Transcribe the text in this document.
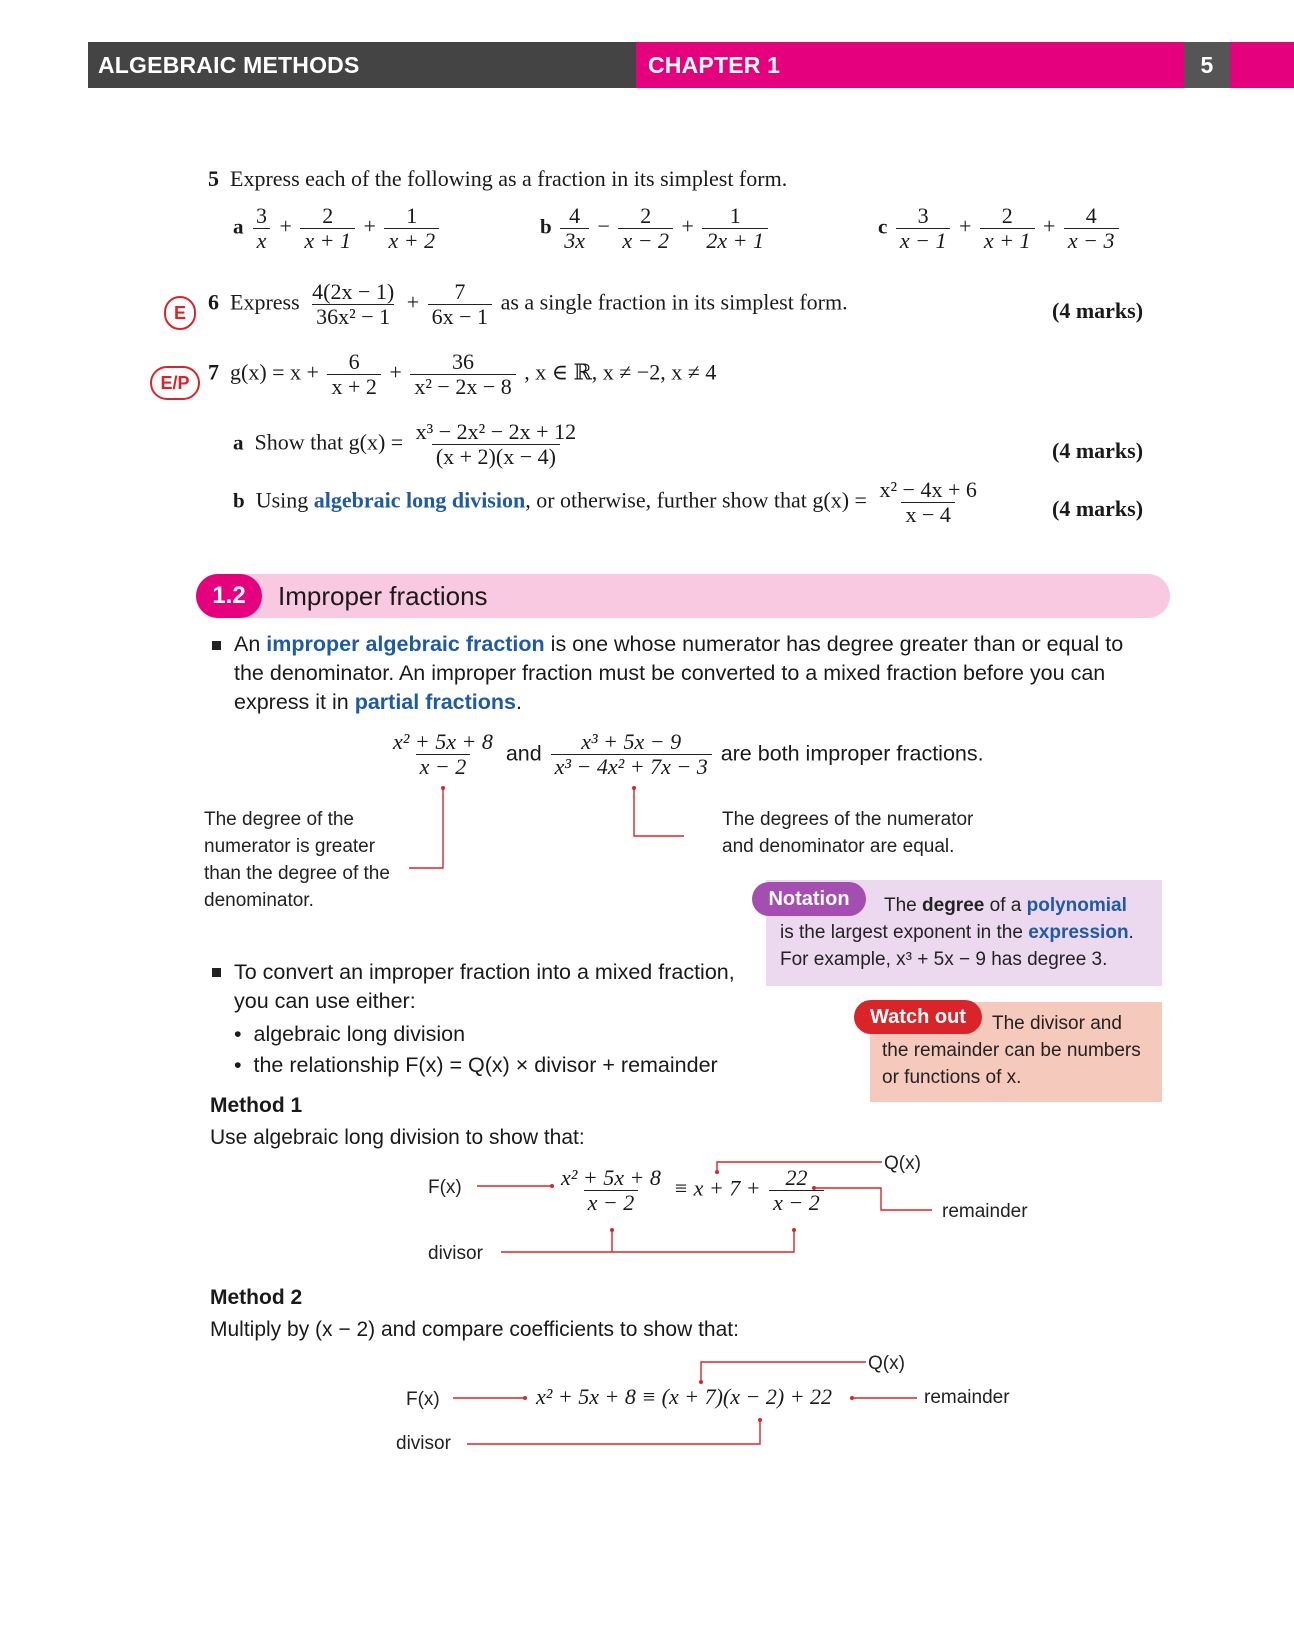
ALGEBRAIC METHODS	CHAPTER 1	5
5 Express each of the following as a fraction in its simplest form.
a $\frac{3}{x} + \frac{2}{x + 1} + \frac{1}{x + 2}$	b $\frac{4}{3x} - \frac{2}{x - 2} + \frac{1}{2x + 1}$	c $\frac{3}{x - 1} + \frac{2}{x + 1} + \frac{4}{x - 3}$
E	6 Express $\frac{4(2x - 1)}{\text{36x² − 1}} + \frac{7}{6x - 1}$ as a single fraction in its simplest form.	(4 marks)
E/P 7 $g(x) = x + \frac{6}{x + 2} + \frac{36}{\text{x² − 2x − 8}}$ , x ∈ ℝ, x ≠ −2, x ≠ 4
a Show that $g(x) = \frac{\text{x³ − 2x² − 2x + 12}}{(x + 2)(x - 4)}$	(4 marks)
b Using algebraic long division, or otherwise, further show that $g(x) = \frac{\text{x² − 4x + 6}}{x - 4}$	(4 marks)
1.2	Improper fractions
An improper algebraic fraction is one whose numerator has degree greater than or equal to
the denominator. An improper fraction must be converted to a mixed fraction before you can
express it in partial fractions.
$\frac{\text{x² + 5x + 8}}{x - 2}$ and $\frac{\text{x³ + 5x − 9}}{\text{x³ − 4x² + 7x − 3}}$ are both improper fractions.
The degree of the
numerator is greater
than the degree of the
denominator.
The degrees of the numerator
and denominator are equal.
Notation	The degree of a polynomial
is the largest exponent in the expression.
For example, x³ + 5x − 9 has degree 3.
To convert an improper fraction into a mixed fraction,
you can use either:
•  algebraic long division
•  the relationship F(x) = Q(x) × divisor + remainder
Watch out	The divisor and
the remainder can be numbers
or functions of x.
Method 1
Use algebraic long division to show that:
F(x)	$\frac{\text{x² + 5x + 8}}{x - 2} \equiv x + 7 + \frac{22}{x - 2}$
Q(x)
remainder
divisor
Method 2
Multiply by (x − 2) and compare coefficients to show that:
F(x)	x² + 5x + 8 ≡ (x + 7)(x − 2) + 22
Q(x)
remainder
divisor
